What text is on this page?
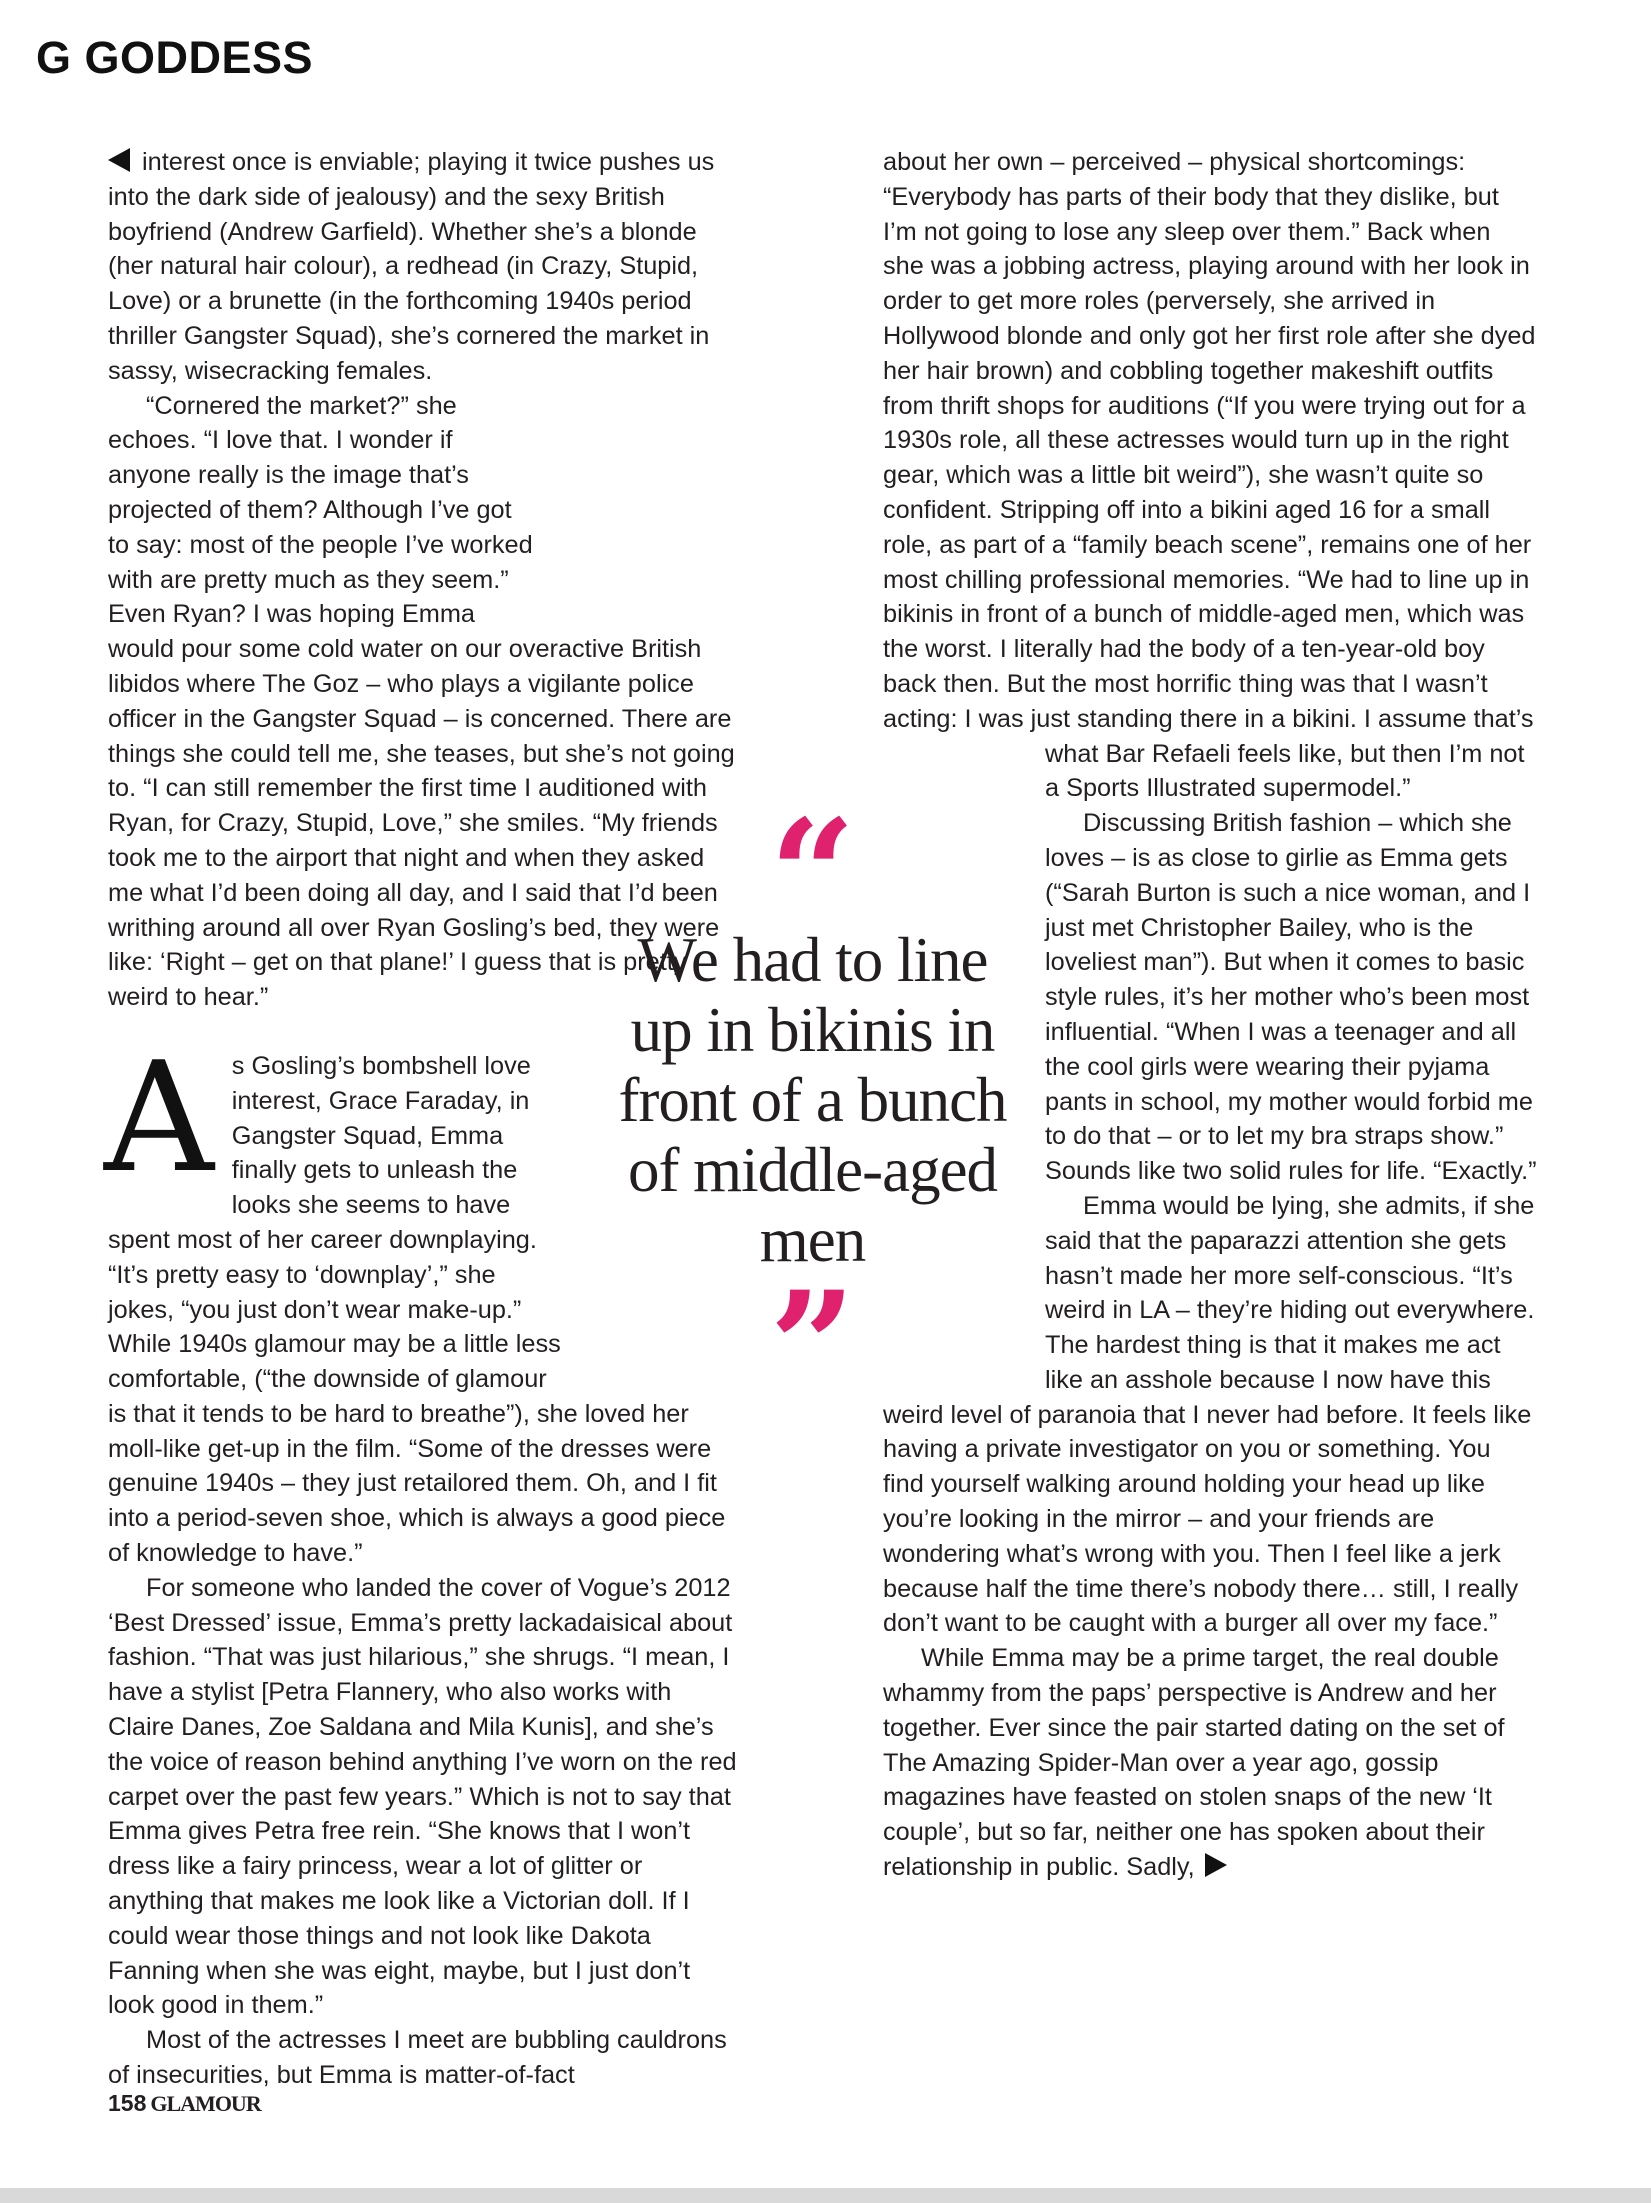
G GODDESS

interest once is enviable; playing it twice pushes us into the dark side of jealousy) and the sexy British boyfriend (Andrew Garfield). Whether she’s a blonde (her natural hair colour), a redhead (in Crazy, Stupid, Love) or a brunette (in the forthcoming 1940s period thriller Gangster Squad), she’s cornered the market in sassy, wisecracking females.

“Cornered the market?” she echoes. “I love that. I wonder if anyone really is the image that’s projected of them? Although I’ve got to say: most of the people I’ve worked with are pretty much as they seem.” Even Ryan? I was hoping Emma would pour some cold water on our overactive British libidos where The Goz – who plays a vigilante police officer in the Gangster Squad – is concerned. There are things she could tell me, she teases, but she’s not going to. “I can still remember the first time I auditioned with Ryan, for Crazy, Stupid, Love,” she smiles. “My friends took me to the airport that night and when they asked me what I’d been doing all day, and I said that I’d been writhing around all over Ryan Gosling’s bed, they were like: ‘Right – get on that plane!’ I guess that is pretty weird to hear.”

As Gosling’s bombshell love interest, Grace Faraday, in Gangster Squad, Emma finally gets to unleash the looks she seems to have spent most of her career downplaying. “It’s pretty easy to ‘downplay’,” she jokes, “you just don’t wear make-up.” While 1940s glamour may be a little less comfortable, (“the downside of glamour is that it tends to be hard to breathe”), she loved her moll-like get-up in the film. “Some of the dresses were genuine 1940s – they just retailored them. Oh, and I fit into a period-seven shoe, which is always a good piece of knowledge to have.”

For someone who landed the cover of Vogue’s 2012 ‘Best Dressed’ issue, Emma’s pretty lackadaisical about fashion. “That was just hilarious,” she shrugs. “I mean, I have a stylist [Petra Flannery, who also works with Claire Danes, Zoe Saldana and Mila Kunis], and she’s the voice of reason behind anything I’ve worn on the red carpet over the past few years.” Which is not to say that Emma gives Petra free rein. “She knows that I won’t dress like a fairy princess, wear a lot of glitter or anything that makes me look like a Victorian doll. If I could wear those things and not look like Dakota Fanning when she was eight, maybe, but I just don’t look good in them.”

Most of the actresses I meet are bubbling cauldrons of insecurities, but Emma is matter-of-fact

about her own – perceived – physical shortcomings: “Everybody has parts of their body that they dislike, but I’m not going to lose any sleep over them.” Back when she was a jobbing actress, playing around with her look in order to get more roles (perversely, she arrived in Hollywood blonde and only got her first role after she dyed her hair brown) and cobbling together makeshift outfits from thrift shops for auditions (“If you were trying out for a 1930s role, all these actresses would turn up in the right gear, which was a little bit weird”), she wasn’t quite so confident. Stripping off into a bikini aged 16 for a small role, as part of a “family beach scene”, remains one of her most chilling professional memories. “We had to line up in bikinis in front of a bunch of middle-aged men, which was the worst. I literally had the body of a ten-year-old boy back then. But the most horrific thing was that I wasn’t acting: I was just standing there in a bikini. I assume that’s what Bar Refaeli feels like, but then I’m not a Sports Illustrated supermodel.”

Discussing British fashion – which she loves – is as close to girlie as Emma gets (“Sarah Burton is such a nice woman, and I just met Christopher Bailey, who is the loveliest man”). But when it comes to basic style rules, it’s her mother who’s been most influential. “When I was a teenager and all the cool girls were wearing their pyjama pants in school, my mother would forbid me to do that – or to let my bra straps show.” Sounds like two solid rules for life. “Exactly.”

Emma would be lying, she admits, if she said that the paparazzi attention she gets hasn’t made her more self-conscious. “It’s weird in LA – they’re hiding out everywhere. The hardest thing is that it makes me act like an asshole because I now have this weird level of paranoia that I never had before. It feels like having a private investigator on you or something. You find yourself walking around holding your head up like you’re looking in the mirror – and your friends are wondering what’s wrong with you. Then I feel like a jerk because half the time there’s nobody there… still, I really don’t want to be caught with a burger all over my face.”

While Emma may be a prime target, the real double whammy from the paps’ perspective is Andrew and her together. Ever since the pair started dating on the set of The Amazing Spider-Man over a year ago, gossip magazines have feasted on stolen snaps of the new ‘It couple’, but so far, neither one has spoken about their relationship in public. Sadly,

“
We had to line up in bikinis in front of a bunch of middle-aged men
”
158 GLAMOUR
